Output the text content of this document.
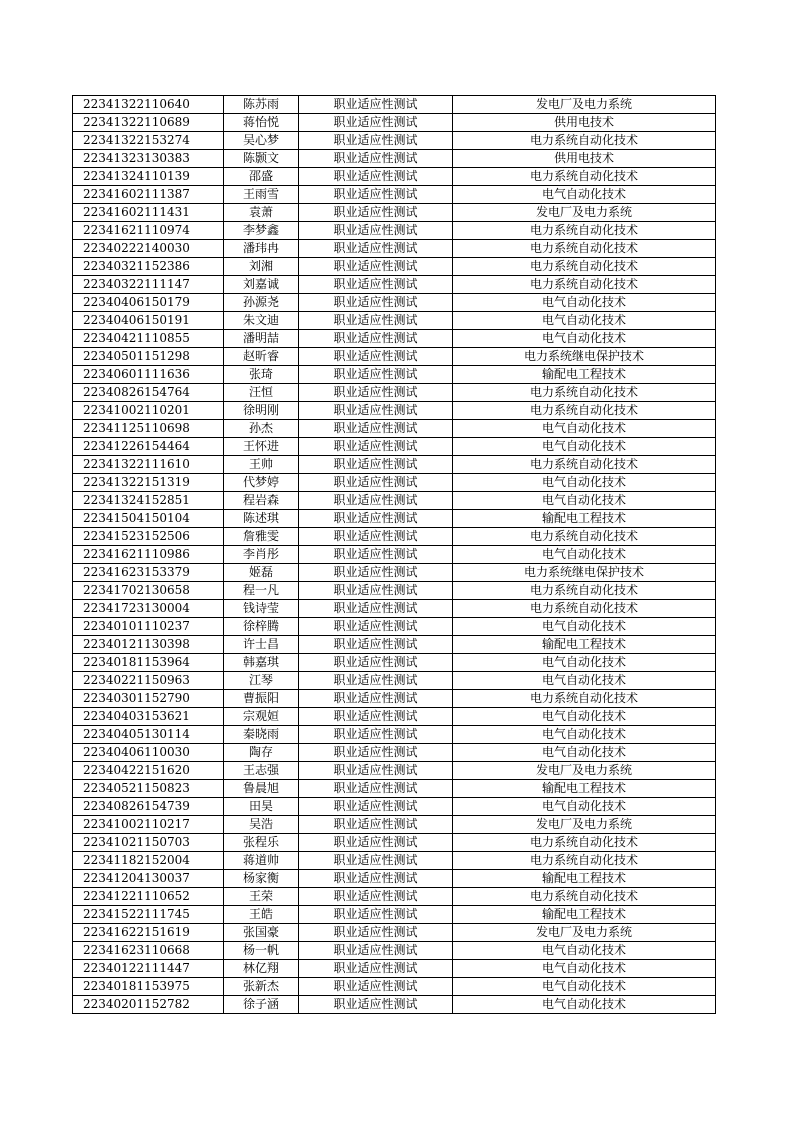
22341322110640	陈苏雨	职业适应性测试	发电厂及电力系统
22341322110689	蒋怡悦	职业适应性测试	供用电技术
22341322153274	吴心梦	职业适应性测试	电力系统自动化技术
22341323130383	陈颢文	职业适应性测试	供用电技术
22341324110139	邵盛	职业适应性测试	电力系统自动化技术
22341602111387	王雨雪	职业适应性测试	电气自动化技术
22341602111431	袁萧	职业适应性测试	发电厂及电力系统
22341621110974	李梦鑫	职业适应性测试	电力系统自动化技术
22340222140030	潘玮冉	职业适应性测试	电力系统自动化技术
22340321152386	刘湘	职业适应性测试	电力系统自动化技术
22340322111147	刘嘉诚	职业适应性测试	电力系统自动化技术
22340406150179	孙源尧	职业适应性测试	电气自动化技术
22340406150191	朱文迪	职业适应性测试	电气自动化技术
22340421110855	潘明喆	职业适应性测试	电气自动化技术
22340501151298	赵昕睿	职业适应性测试	电力系统继电保护技术
22340601111636	张琦	职业适应性测试	输配电工程技术
22340826154764	汪恒	职业适应性测试	电力系统自动化技术
22341002110201	徐明刚	职业适应性测试	电力系统自动化技术
22341125110698	孙杰	职业适应性测试	电气自动化技术
22341226154464	王怀进	职业适应性测试	电气自动化技术
22341322111610	王帅	职业适应性测试	电力系统自动化技术
22341322151319	代梦婷	职业适应性测试	电气自动化技术
22341324152851	程岩森	职业适应性测试	电气自动化技术
22341504150104	陈述琪	职业适应性测试	输配电工程技术
22341523152506	詹雅雯	职业适应性测试	电力系统自动化技术
22341621110986	李肖彤	职业适应性测试	电气自动化技术
22341623153379	姬磊	职业适应性测试	电力系统继电保护技术
22341702130658	程一凡	职业适应性测试	电力系统自动化技术
22341723130004	钱诗莹	职业适应性测试	电力系统自动化技术
22340101110237	徐梓腾	职业适应性测试	电气自动化技术
22340121130398	许士昌	职业适应性测试	输配电工程技术
22340181153964	韩嘉琪	职业适应性测试	电气自动化技术
22340221150963	江琴	职业适应性测试	电气自动化技术
22340301152790	曹振阳	职业适应性测试	电力系统自动化技术
22340403153621	宗观姮	职业适应性测试	电气自动化技术
22340405130114	秦晓雨	职业适应性测试	电气自动化技术
22340406110030	陶存	职业适应性测试	电气自动化技术
22340422151620	王志强	职业适应性测试	发电厂及电力系统
22340521150823	鲁晨旭	职业适应性测试	输配电工程技术
22340826154739	田昊	职业适应性测试	电气自动化技术
22341002110217	吴浩	职业适应性测试	发电厂及电力系统
22341021150703	张程乐	职业适应性测试	电力系统自动化技术
22341182152004	蒋道帅	职业适应性测试	电力系统自动化技术
22341204130037	杨家衡	职业适应性测试	输配电工程技术
22341221110652	王荣	职业适应性测试	电力系统自动化技术
22341522111745	王皓	职业适应性测试	输配电工程技术
22341622151619	张国豪	职业适应性测试	发电厂及电力系统
22341623110668	杨一帆	职业适应性测试	电气自动化技术
22340122111447	林亿翔	职业适应性测试	电气自动化技术
22340181153975	张新杰	职业适应性测试	电气自动化技术
22340201152782	徐子涵	职业适应性测试	电气自动化技术
